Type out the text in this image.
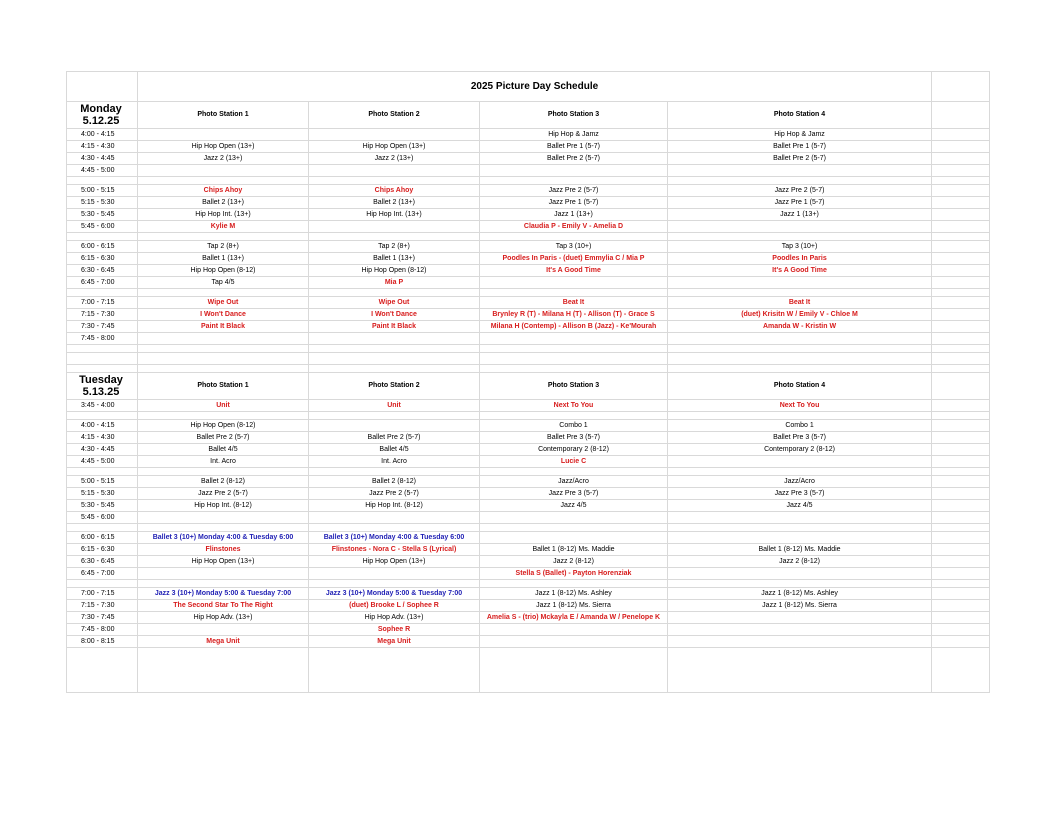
	2025 Picture Day Schedule				

Monday
5.12.25	Photo Station 1	Photo Station 2	Photo Station 3	Photo Station 4	
4:00 - 4:15			Hip Hop & Jamz	Hip Hop & Jamz	
4:15 - 4:30	Hip Hop Open (13+)	Hip Hop Open (13+)	Ballet Pre 1 (5-7)	Ballet Pre 1 (5-7)	
4:30 - 4:45	Jazz 2 (13+)	Jazz 2 (13+)	Ballet Pre 2 (5-7)	Ballet Pre 2 (5-7)	
4:45 - 5:00					

5:00 - 5:15	Chips Ahoy	Chips Ahoy	Jazz Pre 2 (5-7)	Jazz Pre 2 (5-7)	
5:15 - 5:30	Ballet 2 (13+)	Ballet 2 (13+)	Jazz Pre 1 (5-7)	Jazz Pre 1 (5-7)	
5:30 - 5:45	Hip Hop Int. (13+)	Hip Hop Int. (13+)	Jazz 1 (13+)	Jazz 1 (13+)	
5:45 - 6:00	Kylie M		Claudia P - Emily V - Amelia D		

6:00 - 6:15	Tap 2 (8+)	Tap 2 (8+)	Tap 3 (10+)	Tap 3 (10+)	
6:15 - 6:30	Ballet 1 (13+)	Ballet 1 (13+)	Poodles In Paris - (duet) Emmylia C / Mia P	Poodles In Paris	
6:30 - 6:45	Hip Hop Open (8-12)	Hip Hop Open (8-12)	It's A Good Time	It's A Good Time	
6:45 - 7:00	Tap 4/5	Mia P			

7:00 - 7:15	Wipe Out	Wipe Out	Beat It	Beat It	
7:15 - 7:30	I Won't Dance	I Won't Dance	Brynley R (T) - Milana H (T) - Allison (T) - Grace S	(duet) Krisitn W / Emily V - Chloe M	
7:30 - 7:45	Paint It Black	Paint It Black	Milana H (Contemp) - Allison B (Jazz) - Ke'Mourah	Amanda W - Kristin W	
7:45 - 8:00					

Tuesday
5.13.25	Photo Station 1	Photo Station 2	Photo Station 3	Photo Station 4	
3:45 - 4:00	Unit	Unit	Next To You	Next To You	

4:00 - 4:15	Hip Hop Open (8-12)		Combo 1	Combo 1	
4:15 - 4:30	Ballet Pre 2 (5-7)	Ballet Pre 2 (5-7)	Ballet Pre 3 (5-7)	Ballet Pre 3 (5-7)	
4:30 - 4:45	Ballet 4/5	Ballet 4/5	Contemporary 2 (8-12)	Contemporary 2 (8-12)	
4:45 - 5:00	Int. Acro	Int. Acro	Lucie C		

5:00 - 5:15	Ballet 2 (8-12)	Ballet 2 (8-12)	Jazz/Acro	Jazz/Acro	
5:15 - 5:30	Jazz Pre 2 (5-7)	Jazz Pre 2 (5-7)	Jazz Pre 3 (5-7)	Jazz Pre 3 (5-7)	
5:30 - 5:45	Hip Hop Int. (8-12)	Hip Hop Int. (8-12)	Jazz 4/5	Jazz 4/5	
5:45 - 6:00					

6:00 - 6:15	Ballet 3 (10+) Monday 4:00 & Tuesday 6:00	Ballet 3 (10+) Monday 4:00 & Tuesday 6:00			
6:15 - 6:30	Flinstones	Flinstones - Nora C - Stella S (Lyrical)	Ballet 1 (8-12) Ms. Maddie	Ballet 1 (8-12) Ms. Maddie	
6:30 - 6:45	Hip Hop Open (13+)	Hip Hop Open (13+)	Jazz 2 (8-12)	Jazz 2 (8-12)	
6:45 - 7:00			Stella S (Ballet) - Payton Horenziak		

7:00 - 7:15	Jazz 3 (10+) Monday 5:00 & Tuesday 7:00	Jazz 3 (10+) Monday 5:00 & Tuesday 7:00	Jazz 1 (8-12) Ms. Ashley	Jazz 1 (8-12) Ms. Ashley	
7:15 - 7:30	The Second Star To The Right	(duet) Brooke L / Sophee R	Jazz 1 (8-12) Ms. Sierra	Jazz 1 (8-12) Ms. Sierra	
7:30 - 7:45	Hip Hop Adv. (13+)	Hip Hop Adv. (13+)	Amelia S - (trio) Mckayla E / Amanda W / Penelope K		
7:45 - 8:00		Sophee R			
8:00 - 8:15	Mega Unit	Mega Unit			
